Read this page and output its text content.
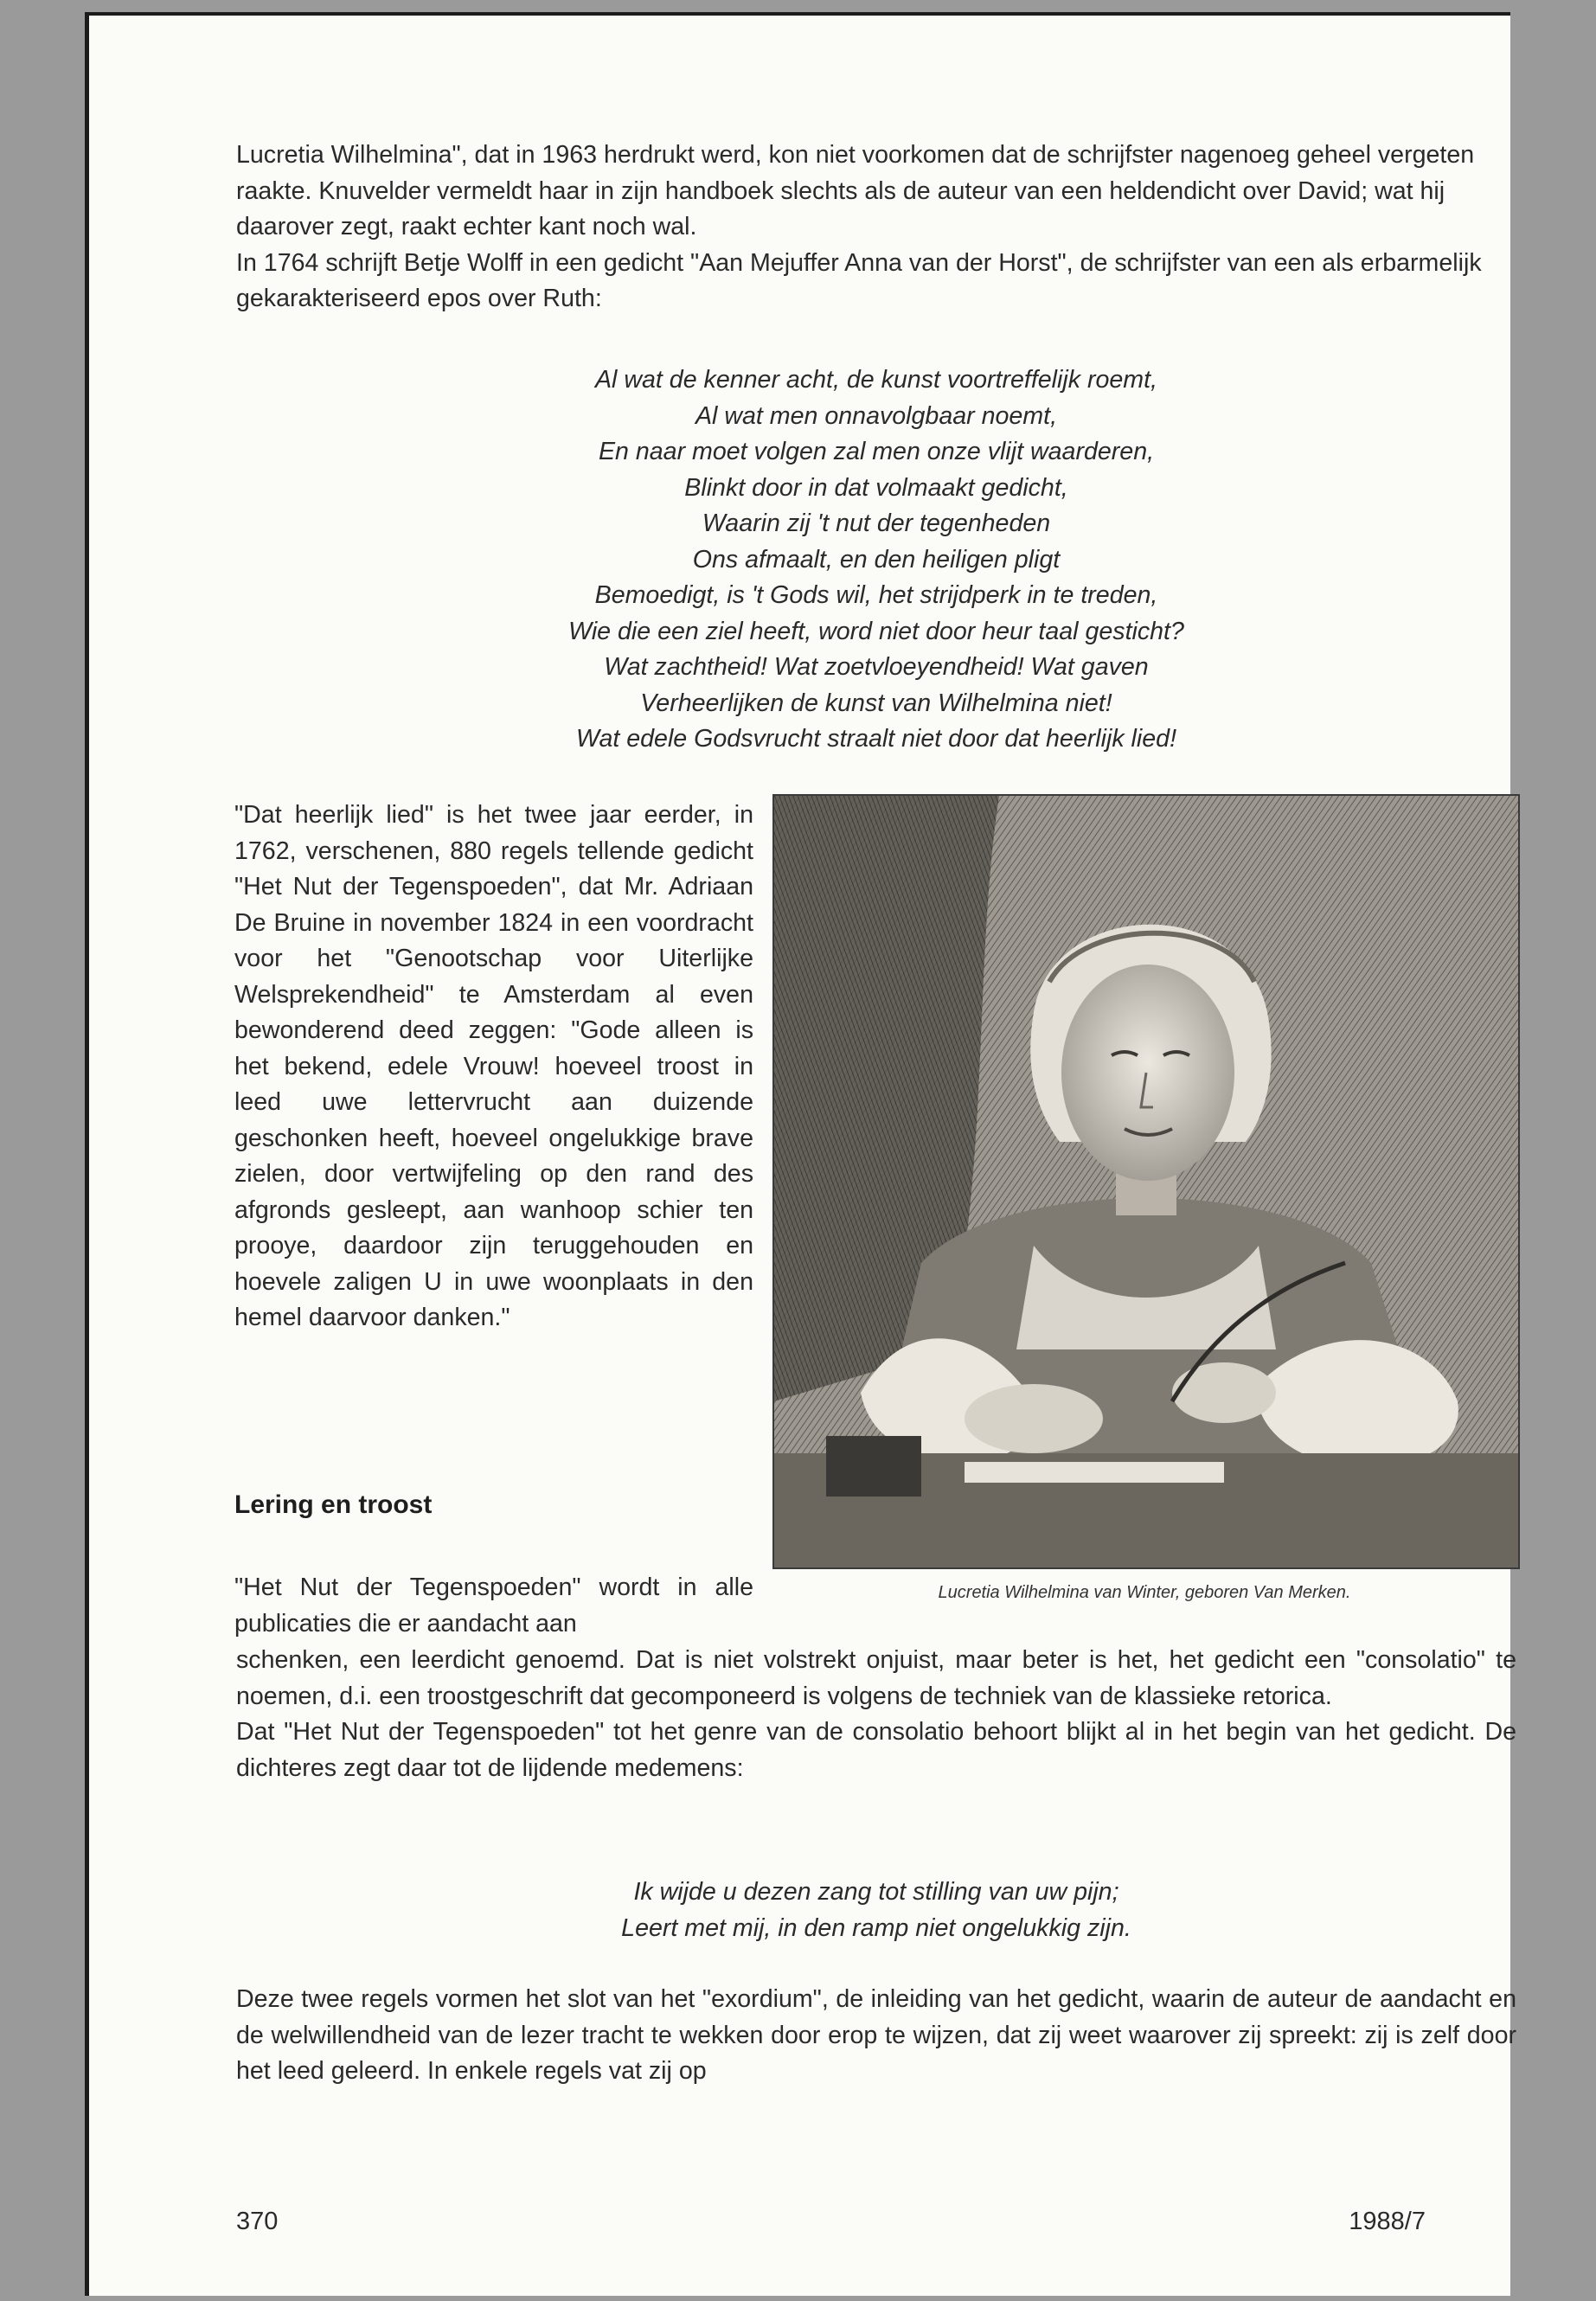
Lucretia Wilhelmina", dat in 1963 herdrukt werd, kon niet voorkomen dat de schrijfster nagenoeg geheel vergeten raakte. Knuvelder vermeldt haar in zijn handboek slechts als de auteur van een heldendicht over David; wat hij daarover zegt, raakt echter kant noch wal.

In 1764 schrijft Betje Wolff in een gedicht "Aan Mejuffer Anna van der Horst", de schrijfster van een als erbarmelijk gekarakteriseerd epos over Ruth:

Al wat de kenner acht, de kunst voortreffelijk roemt,
Al wat men onnavolgbaar noemt,
En naar moet volgen zal men onze vlijt waarderen,
Blinkt door in dat volmaakt gedicht,
Waarin zij 't nut der tegenheden
Ons afmaalt, en den heiligen pligt
Bemoedigt, is 't Gods wil, het strijdperk in te treden,
Wie die een ziel heeft, word niet door heur taal gesticht?
Wat zachtheid! Wat zoetvloeyendheid! Wat gaven
Verheerlijken de kunst van Wilhelmina niet!
Wat edele Godsvrucht straalt niet door dat heerlijk lied!

"Dat heerlijk lied" is het twee jaar eerder, in 1762, verschenen, 880 regels tellende gedicht "Het Nut der Tegenspoeden", dat Mr. Adriaan De Bruine in november 1824 in een voordracht voor het "Genootschap voor Uiterlijke Welsprekendheid" te Amsterdam al even bewonderend deed zeggen: "Gode alleen is het bekend, edele Vrouw! hoeveel troost in leed uwe lettervrucht aan duizende geschonken heeft, hoeveel ongelukkige brave zielen, door vertwijfeling op den rand des afgronds gesleept, aan wanhoop schier ten prooye, daardoor zijn teruggehouden en hoevele zaligen U in uwe woonplaats in den hemel daarvoor danken."

Lucretia Wilhelmina van Winter, geboren Van Merken.
Lering en troost

"Het Nut der Tegenspoeden" wordt in alle publicaties die er aandacht aan

schenken, een leerdicht genoemd. Dat is niet volstrekt onjuist, maar beter is het, het gedicht een "consolatio" te noemen, d.i. een troostgeschrift dat gecomponeerd is volgens de techniek van de klassieke retorica.

Dat "Het Nut der Tegenspoeden" tot het genre van de consolatio behoort blijkt al in het begin van het gedicht. De dichteres zegt daar tot de lijdende medemens:

Ik wijde u dezen zang tot stilling van uw pijn;
Leert met mij, in den ramp niet ongelukkig zijn.

Deze twee regels vormen het slot van het "exordium", de inleiding van het gedicht, waarin de auteur de aandacht en de welwillendheid van de lezer tracht te wekken door erop te wijzen, dat zij weet waarover zij spreekt: zij is zelf door het leed geleerd. In enkele regels vat zij op

370	1988/7
